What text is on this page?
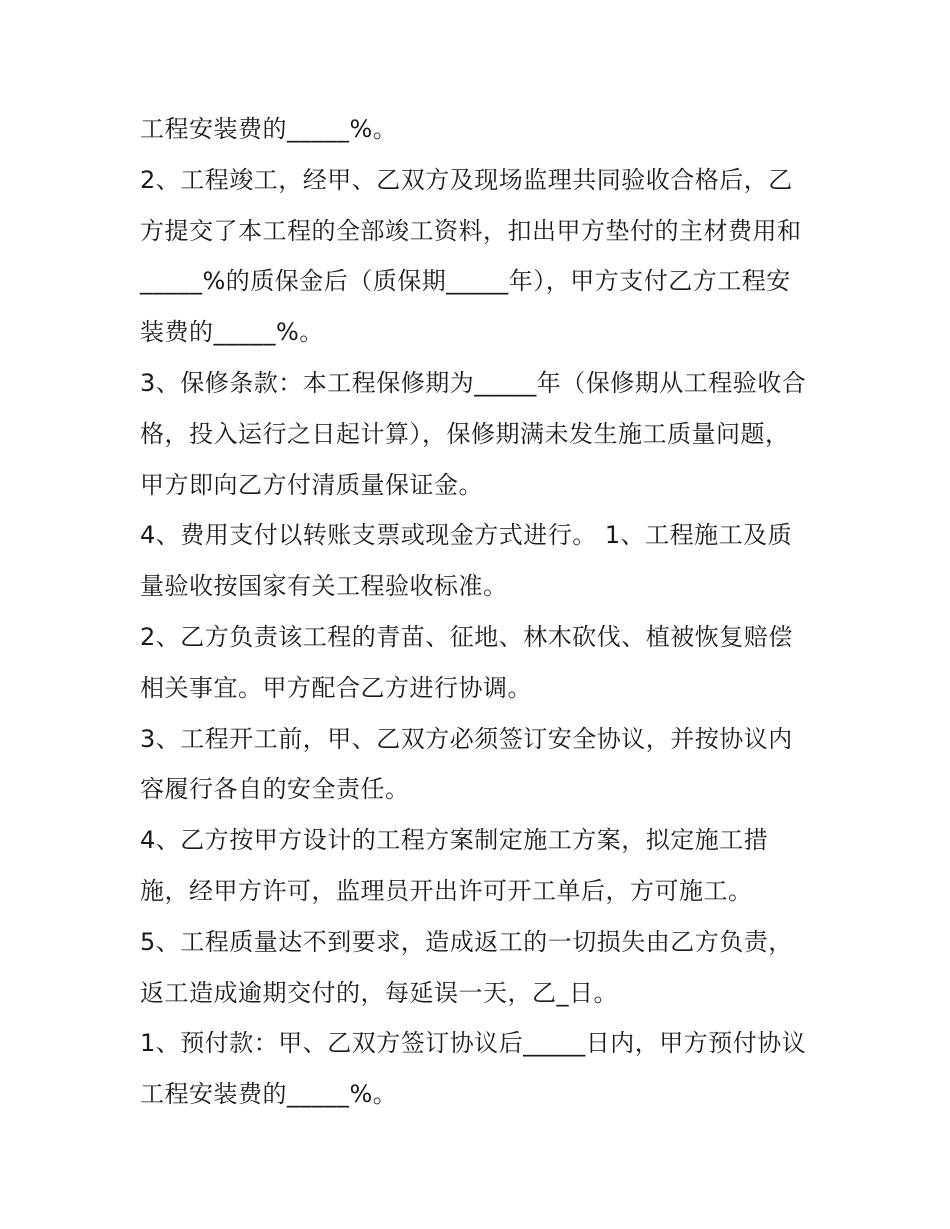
工程安装费的_____%。
2、工程竣工，经甲、乙双方及现场监理共同验收合格后，乙
方提交了本工程的全部竣工资料，扣出甲方垫付的主材费用和
_____%的质保金后（质保期_____年），甲方支付乙方工程安
装费的_____%。
3、保修条款：本工程保修期为_____年（保修期从工程验收合
格，投入运行之日起计算），保修期满未发生施工质量问题，
甲方即向乙方付清质量保证金。
4、费用支付以转账支票或现金方式进行。 1、工程施工及质
量验收按国家有关工程验收标准。
2、乙方负责该工程的青苗、征地、林木砍伐、植被恢复赔偿
相关事宜。甲方配合乙方进行协调。
3、工程开工前，甲、乙双方必须签订安全协议，并按协议内
容履行各自的安全责任。
4、乙方按甲方设计的工程方案制定施工方案，拟定施工措
施，经甲方许可，监理员开出许可开工单后，方可施工。
5、工程质量达不到要求，造成返工的一切损失由乙方负责，
返工造成逾期交付的，每延误一天，乙_日。
1、预付款：甲、乙双方签订协议后_____日内，甲方预付协议
工程安装费的_____%。
